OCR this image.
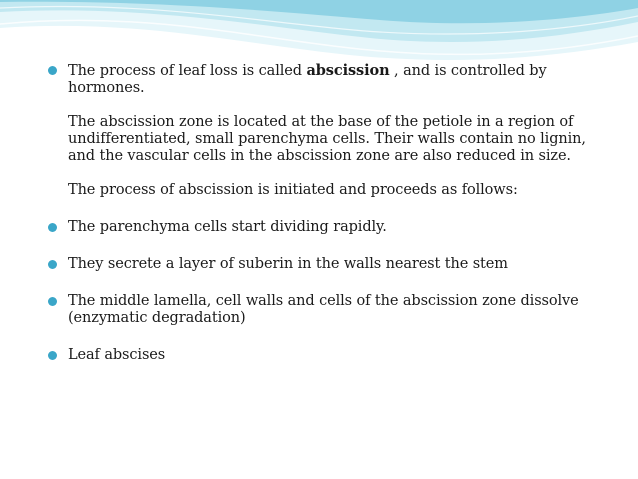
The process of leaf loss is called abscission , and is controlled by hormones.

The abscission zone is located at the base of the petiole in a region of undifferentiated, small parenchyma cells. Their walls contain no lignin, and the vascular cells in the abscission zone are also reduced in size.

The process of abscission is initiated and proceeds as follows:

The parenchyma cells start dividing rapidly.

They secrete a layer of suberin in the walls nearest the stem

The middle lamella, cell walls and cells of the abscission zone dissolve (enzymatic degradation)

Leaf abscises
